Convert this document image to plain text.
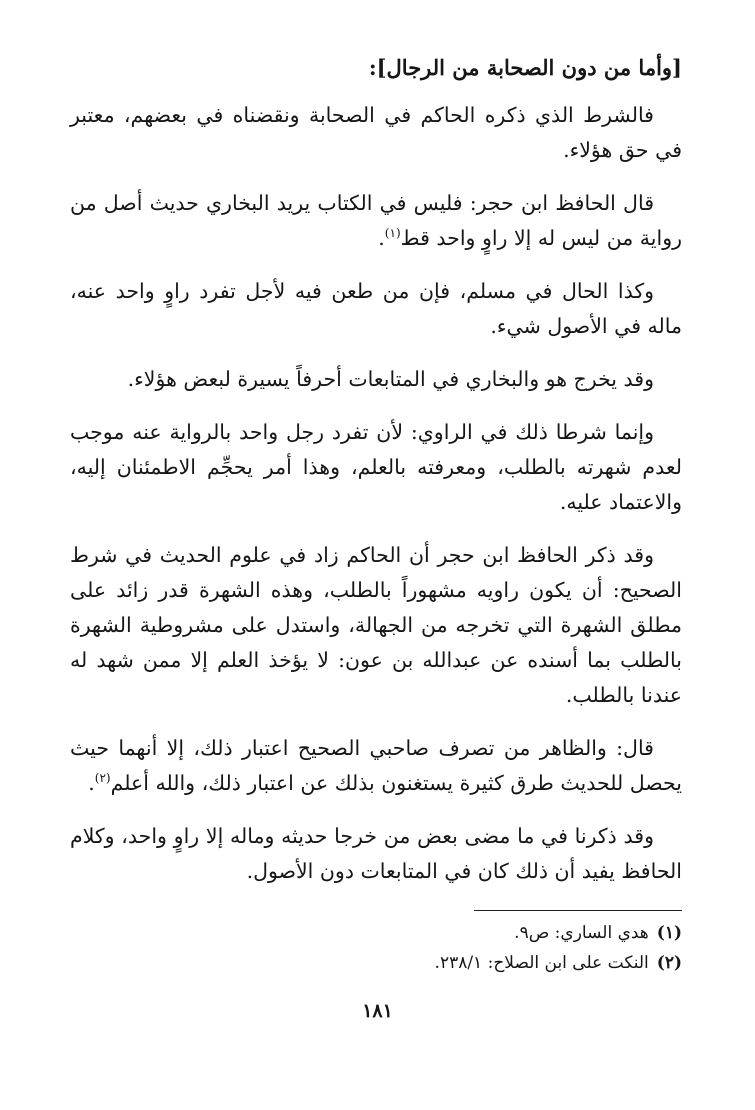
[وأما من دون الصحابة من الرجال]:

فالشرط الذي ذكره الحاكم في الصحابة ونقضناه في بعضهم، معتبر في حق هؤلاء.

قال الحافظ ابن حجر: فليس في الكتاب يريد البخاري حديث أصل من رواية من ليس له إلا راوٍ واحد قط$^{(١)}$.

وكذا الحال في مسلم، فإن من طعن فيه لأجل تفرد راوٍ واحد عنه، ماله في الأصول شيء.

وقد يخرج هو والبخاري في المتابعات أحرفاً يسيرة لبعض هؤلاء.

وإنما شرطا ذلك في الراوي: لأن تفرد رجل واحد بالرواية عنه موجب لعدم شهرته بالطلب، ومعرفته بالعلم، وهذا أمر يحجِّم الاطمئنان إليه، والاعتماد عليه.

وقد ذكر الحافظ ابن حجر أن الحاكم زاد في علوم الحديث في شرط الصحيح: أن يكون راويه مشهوراً بالطلب، وهذه الشهرة قدر زائد على مطلق الشهرة التي تخرجه من الجهالة، واستدل على مشروطية الشهرة بالطلب بما أسنده عن عبدالله بن عون: لا يؤخذ العلم إلا ممن شهد له عندنا بالطلب.

قال: والظاهر من تصرف صاحبي الصحيح اعتبار ذلك، إلا أنهما حيث يحصل للحديث طرق كثيرة يستغنون بذلك عن اعتبار ذلك، والله أعلم$^{(٢)}$.

وقد ذكرنا في ما مضى بعض من خرجا حديثه وماله إلا راوٍ واحد، وكلام الحافظ يفيد أن ذلك كان في المتابعات دون الأصول.

(١)هدي الساري: ص٩.

(٢)النكت على ابن الصلاح: ٢٣٨/١.

١٨١
